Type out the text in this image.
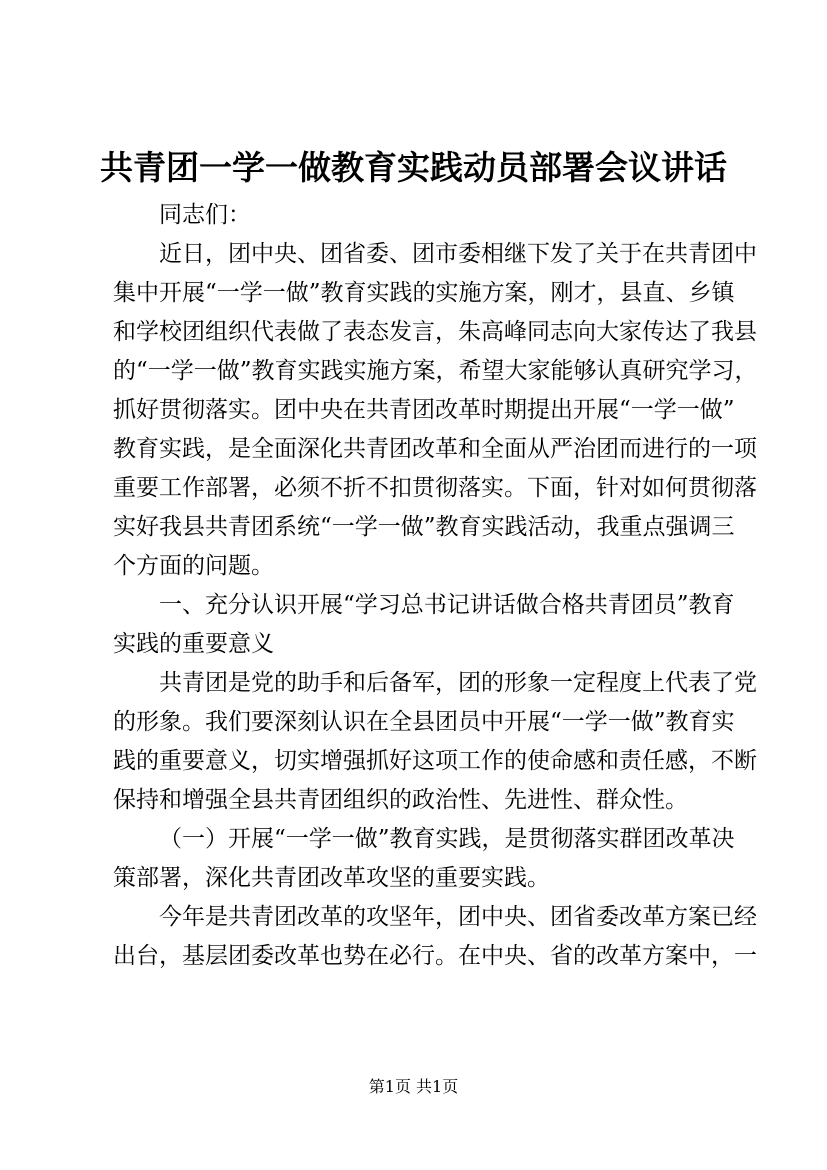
共青团一学一做教育实践动员部署会议讲话
同志们：
近日，团中央、团省委、团市委相继下发了关于在共青团中
集中开展“一学一做”教育实践的实施方案，刚才，县直、乡镇
和学校团组织代表做了表态发言，朱高峰同志向大家传达了我县
的“一学一做”教育实践实施方案，希望大家能够认真研究学习，
抓好贯彻落实。团中央在共青团改革时期提出开展“一学一做”
教育实践，是全面深化共青团改革和全面从严治团而进行的一项
重要工作部署，必须不折不扣贯彻落实。下面，针对如何贯彻落
实好我县共青团系统“一学一做”教育实践活动，我重点强调三
个方面的问题。
一、充分认识开展“学习总书记讲话做合格共青团员”教育
实践的重要意义
共青团是党的助手和后备军，团的形象一定程度上代表了党
的形象。我们要深刻认识在全县团员中开展“一学一做”教育实
践的重要意义，切实增强抓好这项工作的使命感和责任感，不断
保持和增强全县共青团组织的政治性、先进性、群众性。
（一）开展“一学一做”教育实践，是贯彻落实群团改革决
策部署，深化共青团改革攻坚的重要实践。
今年是共青团改革的攻坚年，团中央、团省委改革方案已经
出台，基层团委改革也势在必行。在中央、省的改革方案中，一
第1页 共1页
